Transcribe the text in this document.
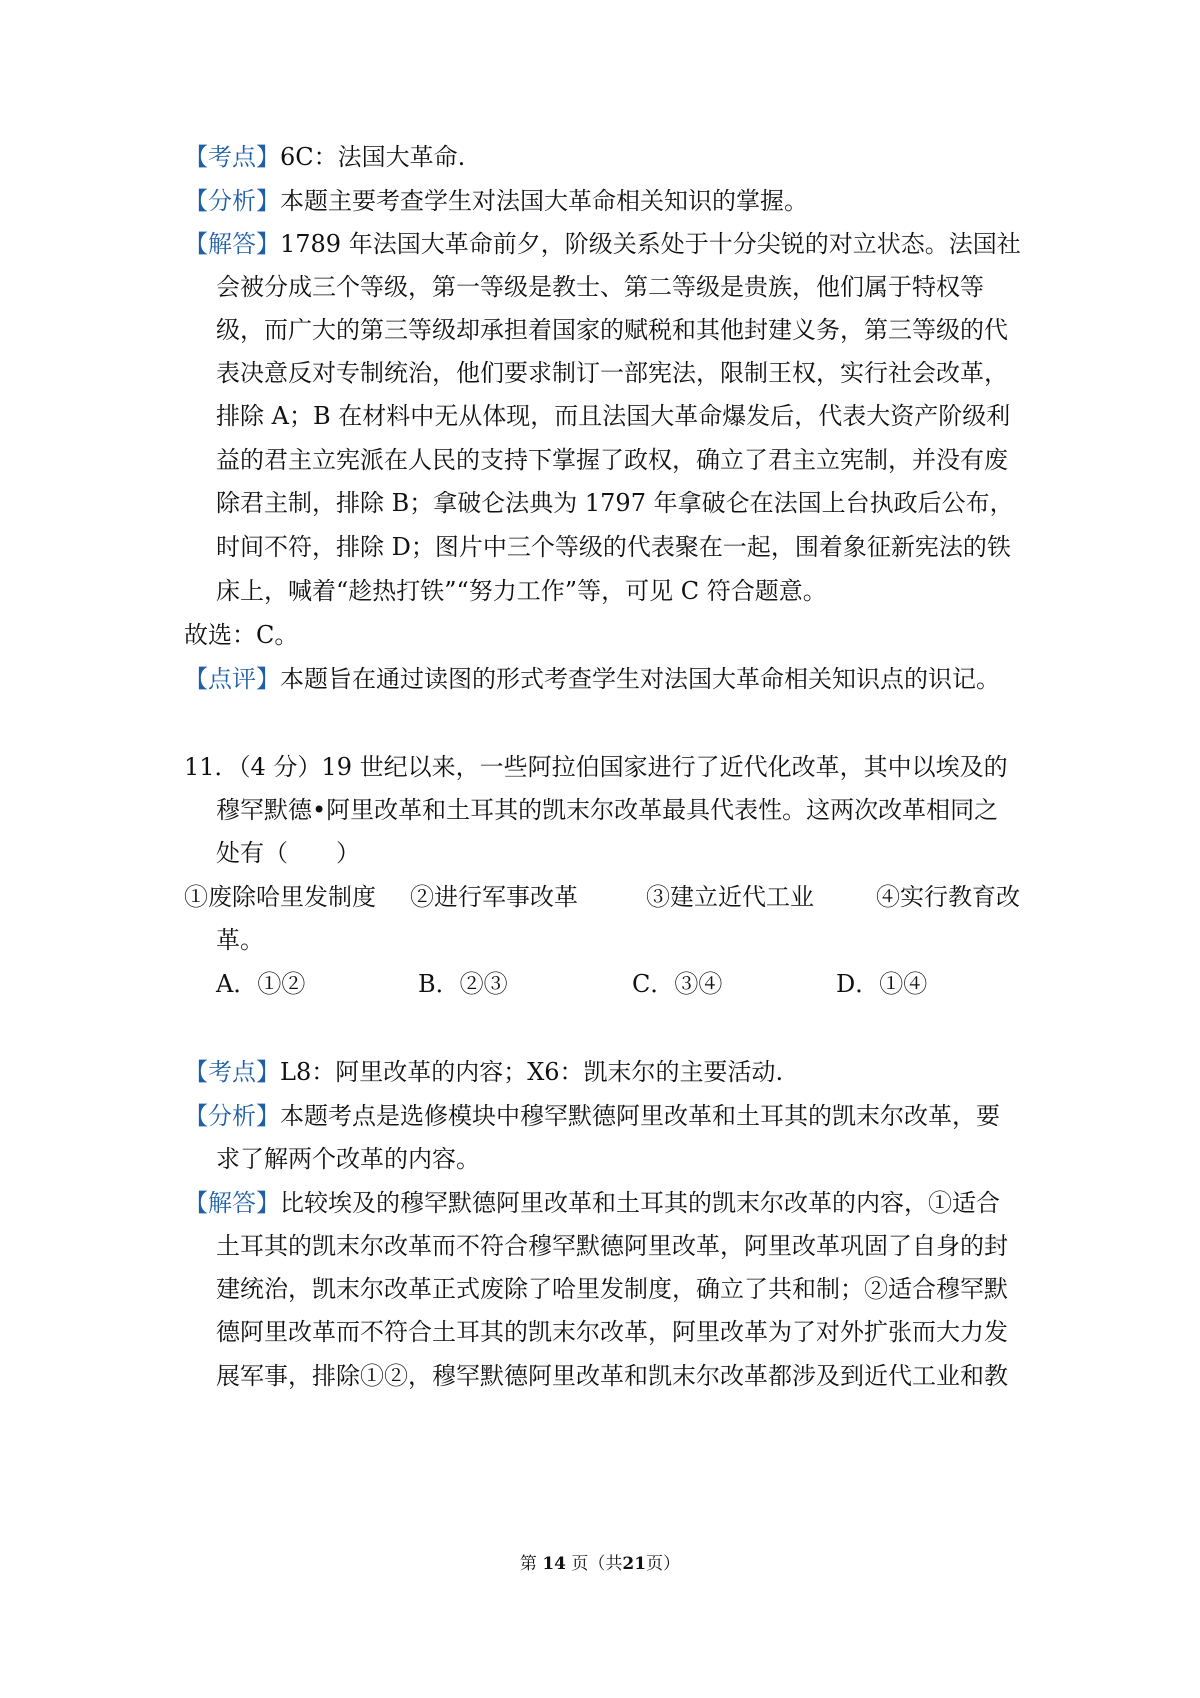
【考点】6C：法国大革命.
【分析】本题主要考查学生对法国大革命相关知识的掌握。
【解答】1789 年法国大革命前夕，阶级关系处于十分尖锐的对立状态。法国社
会被分成三个等级，第一等级是教士、第二等级是贵族，他们属于特权等
级，而广大的第三等级却承担着国家的赋税和其他封建义务，第三等级的代
表决意反对专制统治，他们要求制订一部宪法，限制王权，实行社会改革，
排除 A；B 在材料中无从体现，而且法国大革命爆发后，代表大资产阶级利
益的君主立宪派在人民的支持下掌握了政权，确立了君主立宪制，并没有废
除君主制，排除 B；拿破仑法典为 1797 年拿破仑在法国上台执政后公布，
时间不符，排除 D；图片中三个等级的代表聚在一起，围着象征新宪法的铁
床上，喊着“趁热打铁”“努力工作”等，可见 C 符合题意。
故选：C。
【点评】本题旨在通过读图的形式考查学生对法国大革命相关知识点的识记。
11．（4 分）19 世纪以来，一些阿拉伯国家进行了近代化改革，其中以埃及的
穆罕默德•阿里改革和土耳其的凯末尔改革最具代表性。这两次改革相同之
处有（　　）
①废除哈里发制度 ②进行军事改革	③建立近代工业	④实行教育改
革。
A．①②	B．②③	C．③④	D．①④
【考点】L8：阿里改革的内容；X6：凯末尔的主要活动.
【分析】本题考点是选修模块中穆罕默德阿里改革和土耳其的凯末尔改革，要
求了解两个改革的内容。
【解答】比较埃及的穆罕默德阿里改革和土耳其的凯末尔改革的内容，①适合
土耳其的凯末尔改革而不符合穆罕默德阿里改革，阿里改革巩固了自身的封
建统治，凯末尔改革正式废除了哈里发制度，确立了共和制；②适合穆罕默
德阿里改革而不符合土耳其的凯末尔改革，阿里改革为了对外扩张而大力发
展军事，排除①②，穆罕默德阿里改革和凯末尔改革都涉及到近代工业和教
第 14 页（共21页）
